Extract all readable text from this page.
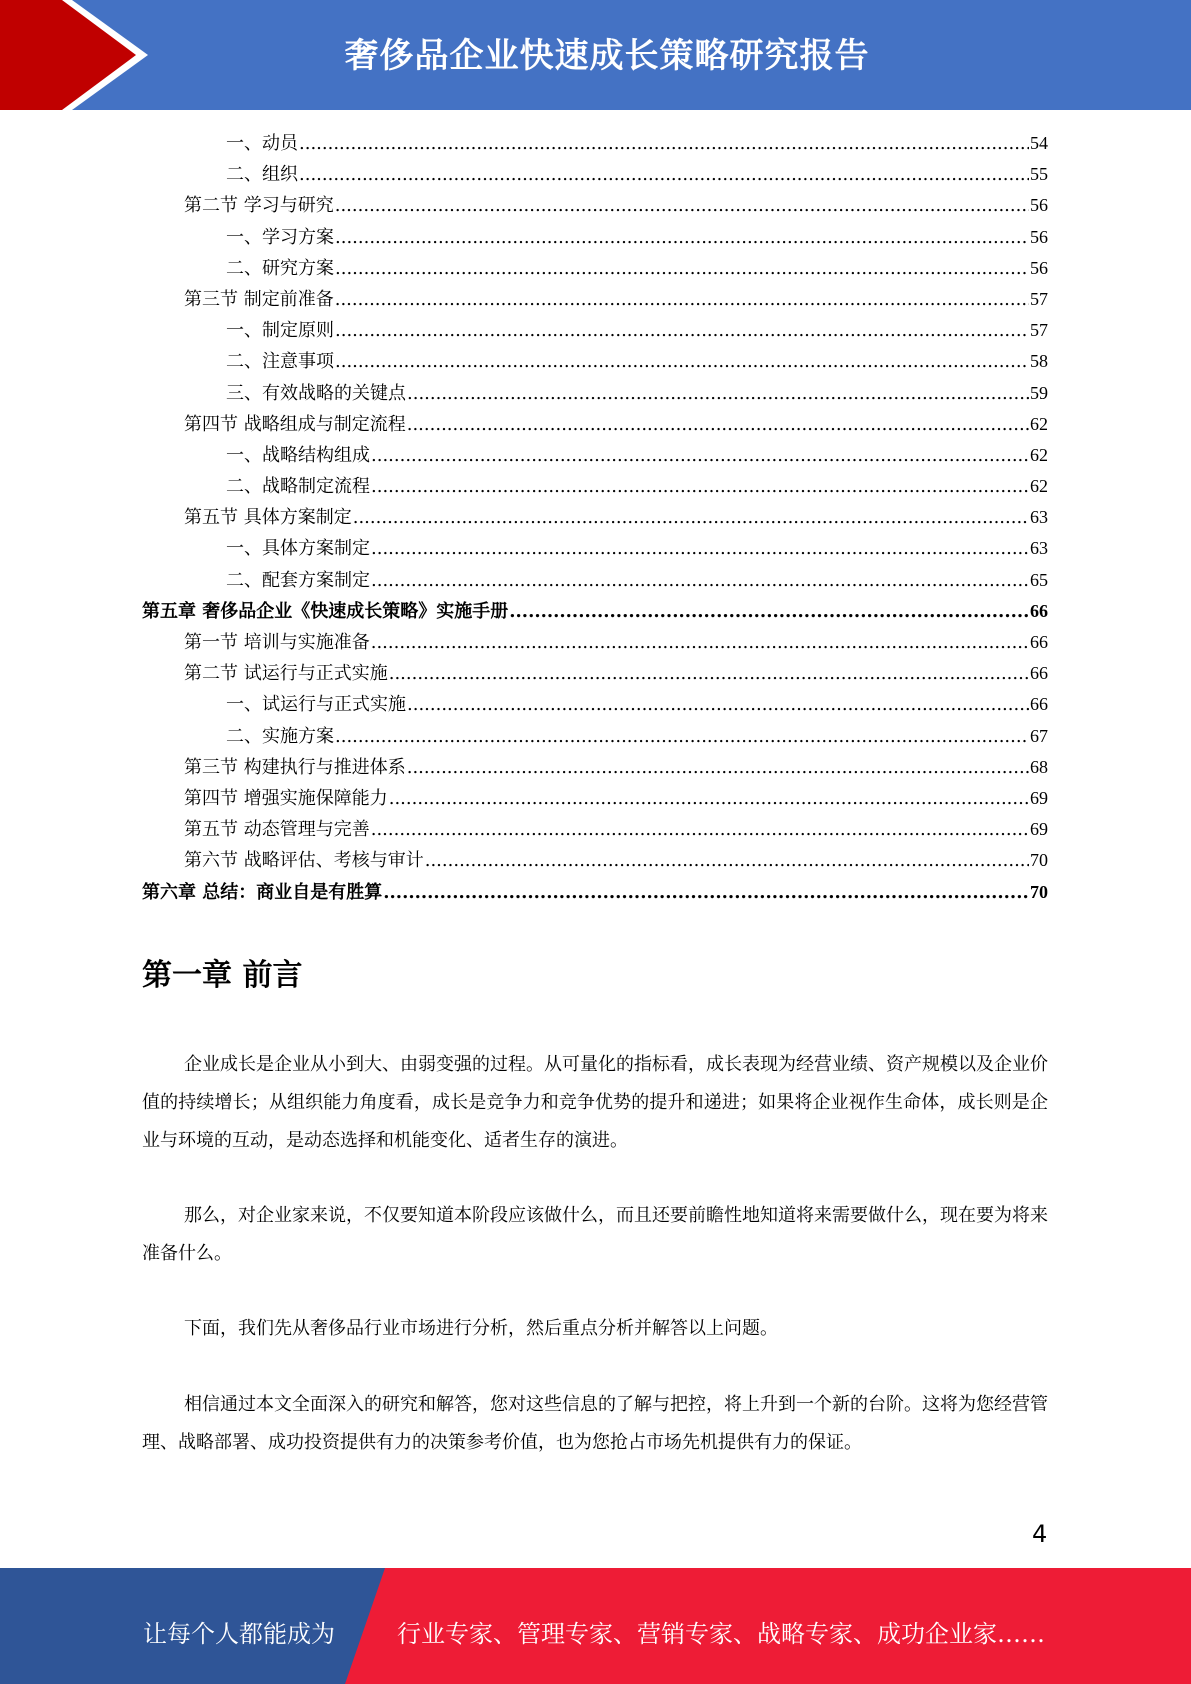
奢侈品企业快速成长策略研究报告
一、动员 .....	54
二、组织 .....	55
第二节 学习与研究 .....	56
一、学习方案 .....	56
二、研究方案 .....	56
第三节 制定前准备 .....	57
一、制定原则 .....	57
二、注意事项 .....	58
三、有效战略的关键点 .....	59
第四节 战略组成与制定流程 .....	62
一、战略结构组成 .....	62
二、战略制定流程 .....	62
第五节 具体方案制定 .....	63
一、具体方案制定 .....	63
二、配套方案制定 .....	65
第五章 奢侈品企业《快速成长策略》实施手册 .....	66
第一节 培训与实施准备 .....	66
第二节 试运行与正式实施 .....	66
一、试运行与正式实施 .....	66
二、实施方案 .....	67
第三节 构建执行与推进体系 .....	68
第四节 增强实施保障能力 .....	69
第五节 动态管理与完善 .....	69
第六节 战略评估、考核与审计 .....	70
第六章 总结：商业自是有胜算 .....	70
第一章 前言

企业成长是企业从小到大、由弱变强的过程。从可量化的指标看，成长表现为经营业绩、资产规模以及企业价值的持续增长；从组织能力角度看，成长是竞争力和竞争优势的提升和递进；如果将企业视作生命体，成长则是企业与环境的互动，是动态选择和机能变化、适者生存的演进。

那么，对企业家来说，不仅要知道本阶段应该做什么，而且还要前瞻性地知道将来需要做什么，现在要为将来准备什么。

下面，我们先从奢侈品行业市场进行分析，然后重点分析并解答以上问题。

相信通过本文全面深入的研究和解答，您对这些信息的了解与把控，将上升到一个新的台阶。这将为您经营管理、战略部署、成功投资提供有力的决策参考价值，也为您抢占市场先机提供有力的保证。

4
让每个人都能成为	行业专家、管理专家、营销专家、战略专家、成功企业家……
